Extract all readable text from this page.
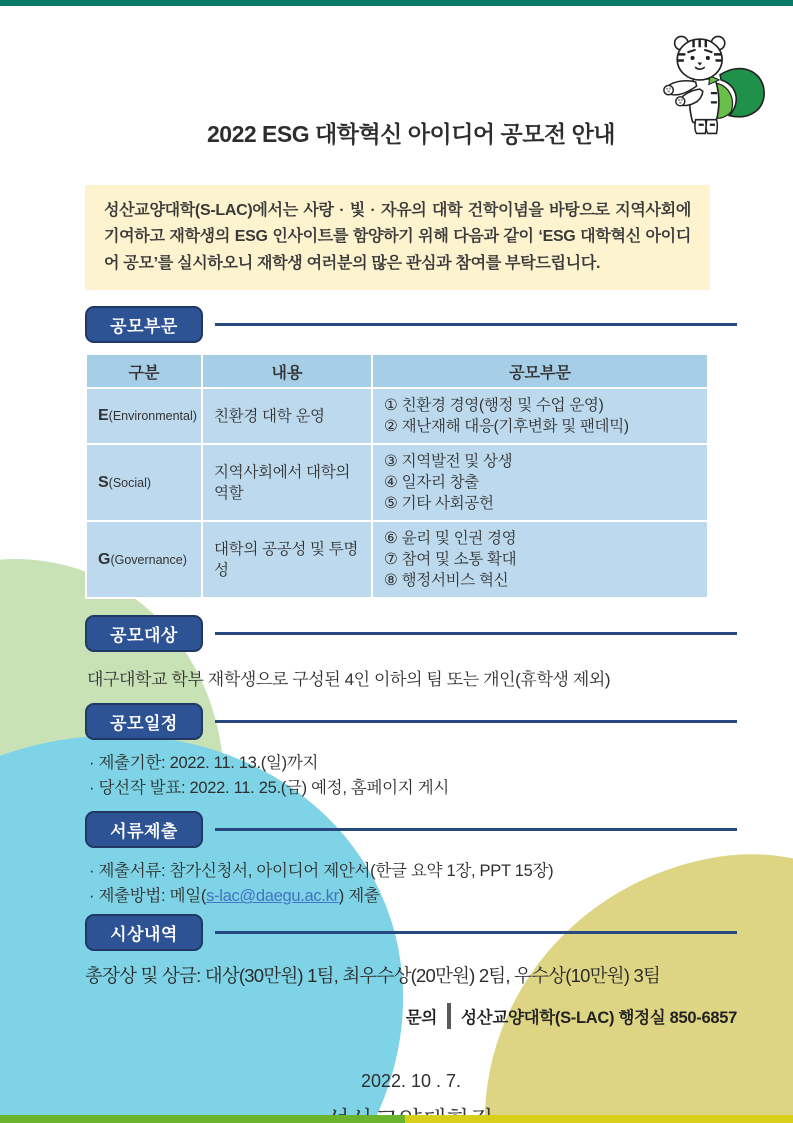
2022 ESG 대학혁신 아이디어 공모전 안내
성산교양대학(S-LAC)에서는 사랑 · 빛 · 자유의 대학 건학이념을 바탕으로 지역사회에 기여하고 재학생의 ESG 인사이트를 함양하기 위해 다음과 같이 ‘ESG 대학혁신 아이디어 공모’를 실시하오니 재학생 여러분의 많은 관심과 참여를 부탁드립니다.
공모부문
구분	내용	공모부문
E(Environmental)	친환경 대학 운영	① 친환경 경영(행정 및 수업 운영)
② 재난재해 대응(기후변화 및 팬데믹)

S(Social)	지역사회에서 대학의 역할	③ 지역발전 및 상생
④ 일자리 창출
⑤ 기타 사회공헌

G(Governance)	대학의 공공성 및 투명성	⑥ 윤리 및 인권 경영
⑦ 참여 및 소통 확대
⑧ 행정서비스 혁신
공모대상
대구대학교 학부 재학생으로 구성된 4인 이하의 팀 또는 개인(휴학생 제외)
공모일정
· 제출기한: 2022. 11. 13.(일)까지
· 당선작 발표: 2022. 11. 25.(금) 예정, 홈페이지 게시
서류제출
· 제출서류: 참가신청서, 아이디어 제안서(한글 요약 1장, PPT 15장)
· 제출방법: 메일(s-lac@daegu.ac.kr) 제출
시상내역
총장상 및 상금: 대상(30만원) 1팀, 최우수상(20만원) 2팀, 우수상(10만원) 3팀
문의 성산교양대학(S-LAC) 행정실 850-6857
2022. 10 . 7.
